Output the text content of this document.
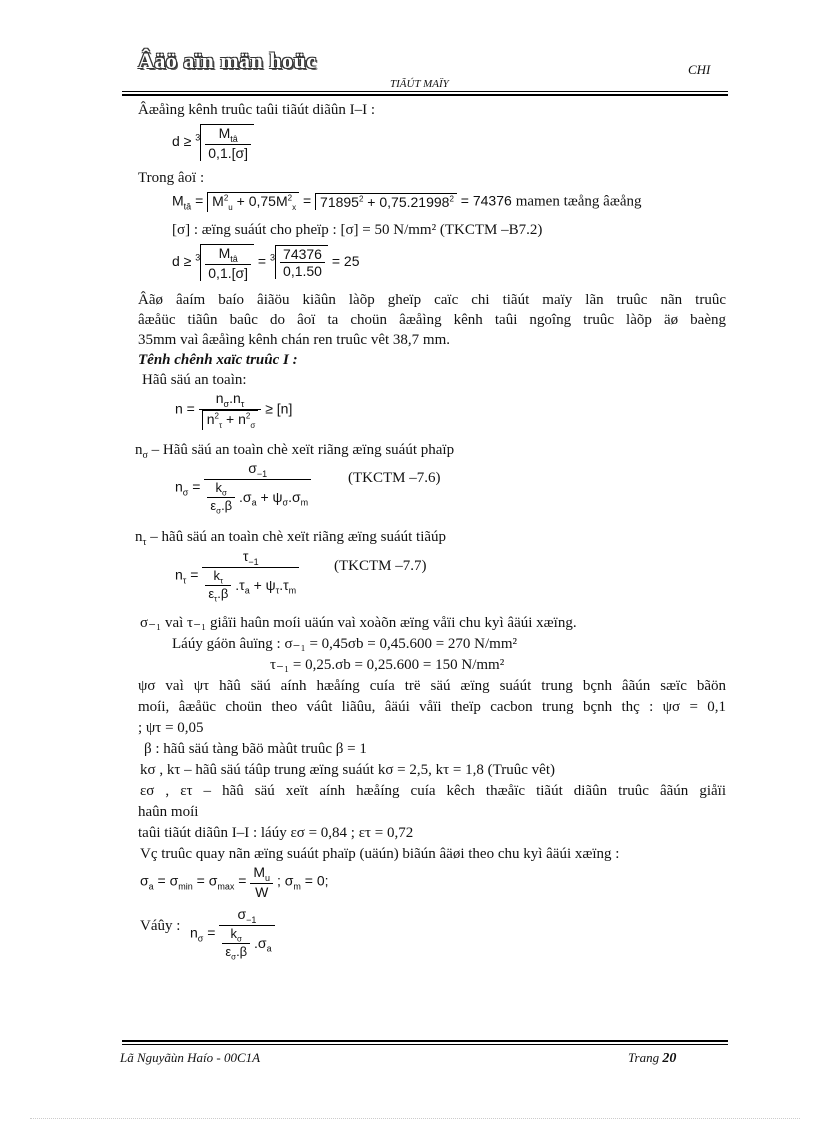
Âäö aïn män hoüc	CHI
TIÃÚT MAÏY
Âæåìng kênh truûc taûi tiãút diãûn I–I :
$d \ge ^3 \frac{M_{tâ}}{0,1.[\sigma]}$
Trong âoï :
$M_{tâ} = M^2_u + 0,75M^2_x = 71895^2 + 0,75.21998^2 = 74376$ mamen tæång âæång
[σ] : æïng suáút cho pheïp : [σ] = 50 N/mm² (TKCTM –B7.2)
$d \ge ^3 \frac{M_{tâ}}{0,1.[\sigma]} = ^3 \frac{74376}{0,1.50} = 25$
Âãø âaím baío âiãöu kiãûn làõp gheïp caïc chi tiãút maïy lãn truûc nãn truûc
âæåüc tiãûn baûc do âoï ta choün âæåìng kênh taûi ngoîng truûc làõp äø baèng
35mm vaì âæåìng kênh chán ren truûc vêt 38,7 mm.
Tênh chênh xaïc truûc I :
Hãû säú an toaìn:
$n = \frac{n_\sigma.n_\tau}{n^2_\tau + n^2_\sigma} \ge [n]$
$n_\sigma$ – Hãû säú an toaìn chè xeït riãng æïng suáút phaïp
$n_\sigma = \frac{\sigma_{-1}}{\frac{k_\sigma}{\varepsilon_\sigma.\beta} .\sigma_a + \psi_\sigma.\sigma_m}$ (TKCTM –7.6)
$n_\tau$ – hãû säú an toaìn chè xeït riãng æïng suáút tiãúp
$n_\tau = \frac{\tau_{-1}}{\frac{k_\tau}{\varepsilon_\tau.\beta} .\tau_a + \psi_\tau.\tau_m}$ (TKCTM –7.7)
σ₋₁ vaì τ₋₁ giåïi haûn moíi uäún vaì xoàõn æïng våïi chu kyì âäúi xæïng.
Láúy gáön âuïng : σ₋₁ = 0,45σb = 0,45.600 = 270 N/mm²
τ₋₁ = 0,25.σb = 0,25.600 = 150 N/mm²
ψσ vaì ψτ hãû säú aính hæåíng cuía trë säú æïng suáút trung bçnh âãún sæïc bãön
moíi, âæåüc choün theo váût liãûu, âäúi våïi theïp cacbon trung bçnh thç : ψσ = 0,1
; ψτ = 0,05
β : hãû säú tàng bãö màût truûc β = 1
kσ , kτ – hãû säú táûp trung æïng suáút kσ = 2,5, kτ = 1,8 (Truûc vêt)
εσ , ετ – hãû säú xeït aính hæåíng cuía kêch thæåïc tiãút diãûn truûc âãún giåïi
haûn moíi
taûi tiãút diãûn I–I : láúy εσ = 0,84 ; ετ = 0,72
Vç truûc quay nãn æïng suáút phaïp (uäún) biãún âäøi theo chu kyì âäúi xæïng :
$\sigma_a = \sigma_{min} = \sigma_{max} = \frac{M_u}{W}$ ; $\sigma_m = 0$;
Váûy : $n_\sigma = \frac{\sigma_{-1}}{\frac{k_\sigma}{\varepsilon_\sigma.\beta} .\sigma_a}$
Lã Nguyãùn Haío - 00C1A	Trang 20
